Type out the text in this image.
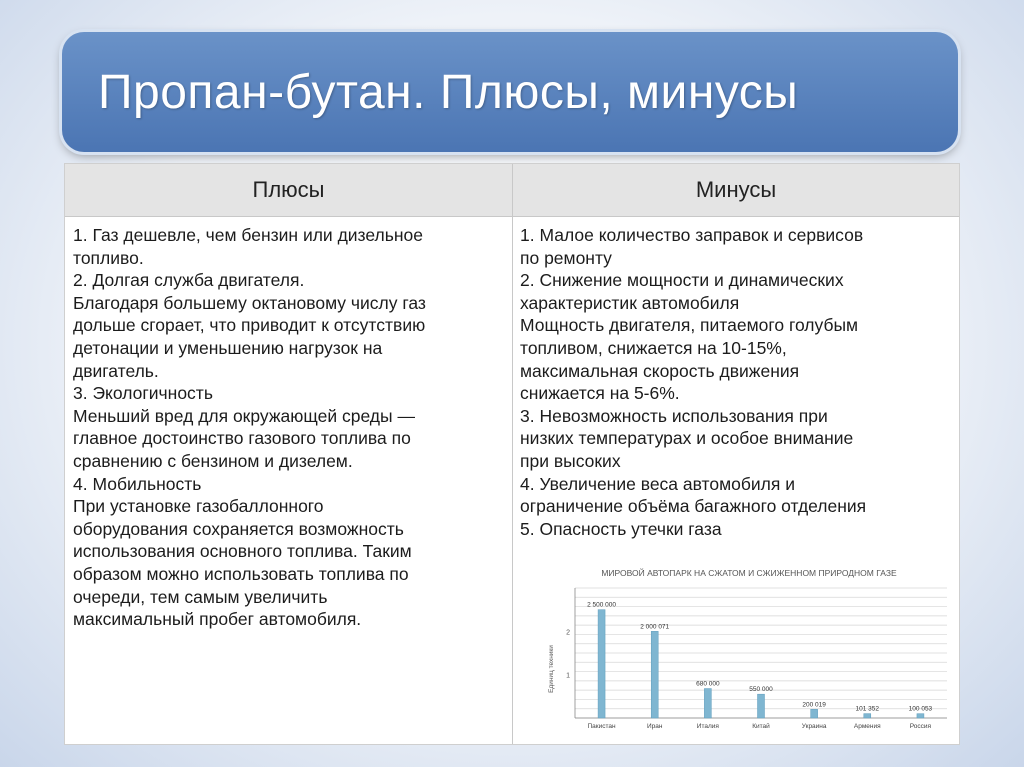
Пропан-бутан. Плюсы, минусы
Плюсы	Минусы

1. Газ дешевле, чем бензин или дизельное

топливо.

2. Долгая служба двигателя.

Благодаря большему октановому числу газ

дольше сгорает, что приводит к отсутствию

детонации и уменьшению нагрузок на

двигатель.

3. Экологичность

Меньший вред для окружающей среды —

главное достоинство газового топлива по

сравнению с бензином и дизелем.

4. Мобильность

При установке газобаллонного

оборудования сохраняется возможность

использования основного топлива. Таким

образом можно использовать топлива по

очереди, тем самым увеличить

максимальный пробег автомобиля.

1. Малое количество заправок и сервисов

по ремонту

2. Снижение мощности и динамических

характеристик автомобиля

Мощность двигателя, питаемого голубым

топливом, снижается на 10-15%,

максимальная скорость движения

снижается на 5-6%.

3. Невозможность использования при

низких температурах и особое внимание

при высоких

4. Увеличение веса автомобиля и

ограничение объёма багажного отделения

5. Опасность утечки газа

МИРОВОЙ АВТОПАРК НА СЖАТОМ И СЖИЖЕННОМ ПРИРОДНОМ ГАЗЕ
Единиц техники
2
1
2 500 000
Пакистан
2 000 071
Иран
680 000
Италия
550 000
Китай
200 019
Украина
101 352
Армения
100 053
Россия
